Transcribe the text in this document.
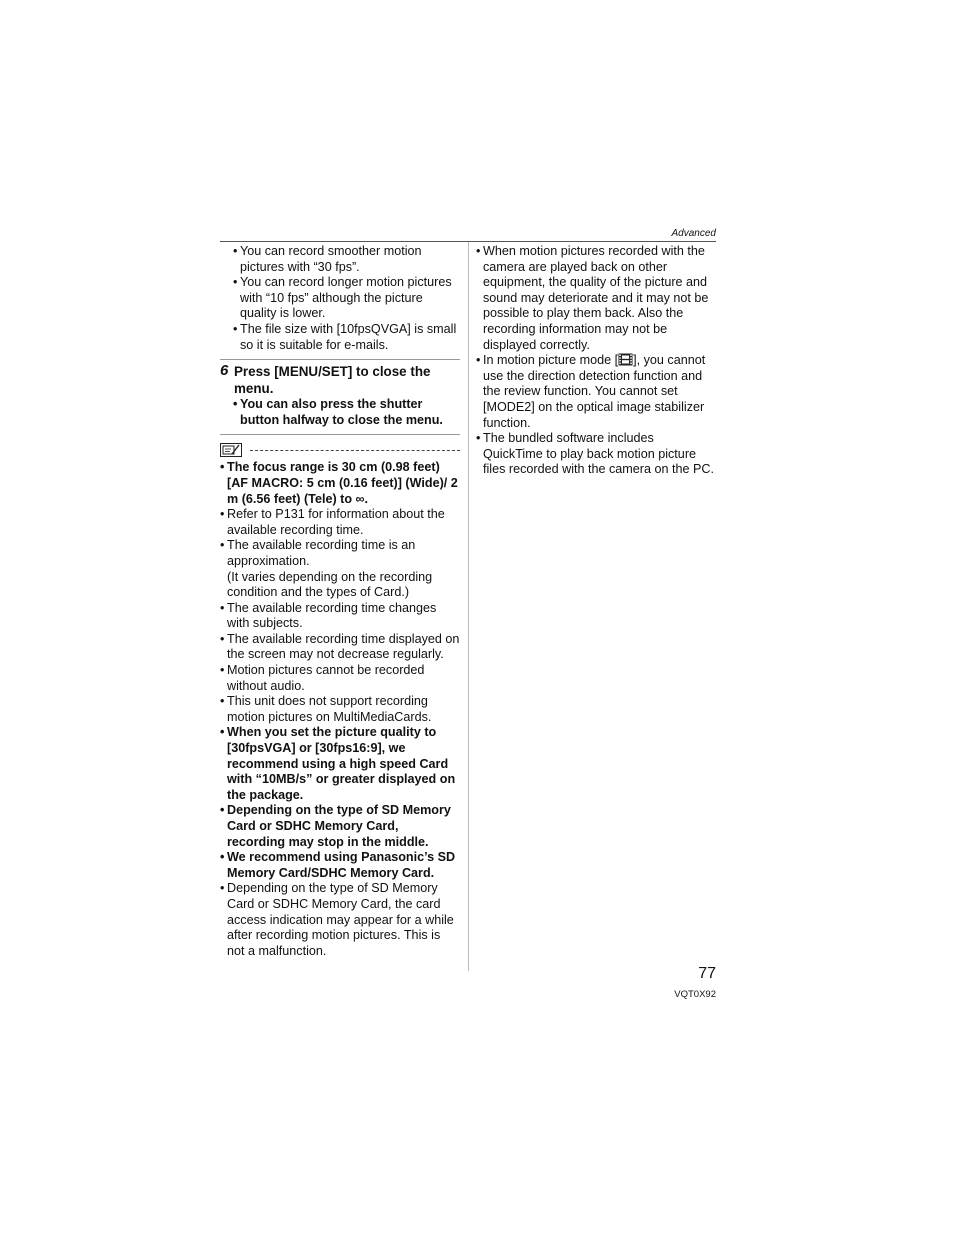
Advanced
• You can record smoother motion pictures with “30 fps”.
• You can record longer motion pictures with “10 fps” although the picture quality is lower.
• The file size with [10fpsQVGA] is small so it is suitable for e-mails.
6 Press [MENU/SET] to close the menu.
• You can also press the shutter button halfway to close the menu.
• The focus range is 30 cm (0.98 feet) [AF MACRO: 5 cm (0.16 feet)] (Wide)/ 2 m (6.56 feet) (Tele) to ∞.
• Refer to P131 for information about the available recording time.
• The available recording time is an approximation.
(It varies depending on the recording condition and the types of Card.)
• The available recording time changes with subjects.
• The available recording time displayed on the screen may not decrease regularly.
• Motion pictures cannot be recorded without audio.
• This unit does not support recording motion pictures on MultiMediaCards.
• When you set the picture quality to [30fpsVGA] or [30fps16:9], we recommend using a high speed Card with “10MB/s” or greater displayed on the package.
• Depending on the type of SD Memory Card or SDHC Memory Card, recording may stop in the middle.
• We recommend using Panasonic’s SD Memory Card/SDHC Memory Card.
• Depending on the type of SD Memory Card or SDHC Memory Card, the card access indication may appear for a while after recording motion pictures. This is not a malfunction.
• When motion pictures recorded with the camera are played back on other equipment, the quality of the picture and sound may deteriorate and it may not be possible to play them back. Also the recording information may not be displayed correctly.
• In motion picture mode [ ], you cannot use the direction detection function and the review function. You cannot set [MODE2] on the optical image stabilizer function.
• The bundled software includes QuickTime to play back motion picture files recorded with the camera on the PC.
77
VQT0X92
